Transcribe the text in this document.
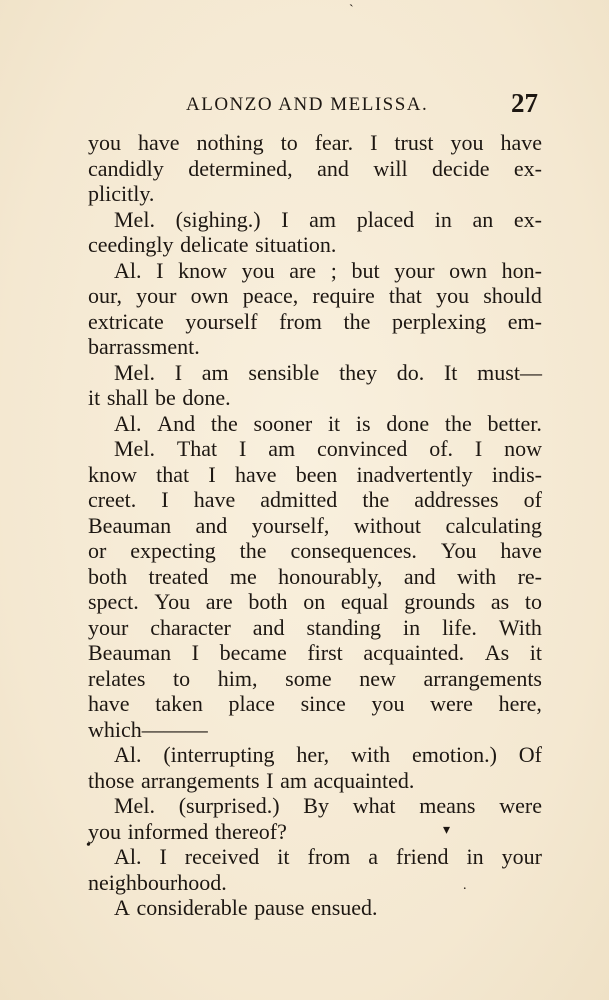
ALONZO AND MELISSA.	27
you have nothing to fear. I trust you have
candidly determined, and will decide ex-
plicitly.
Mel. (sighing.) I am placed in an ex-
ceedingly delicate situation.
Al. I know you are ; but your own hon-
our, your own peace, require that you should
extricate yourself from the perplexing em-
barrassment.
Mel. I am sensible they do. It must—
it shall be done.
Al. And the sooner it is done the better.
Mel. That I am convinced of. I now
know that I have been inadvertently indis-
creet. I have admitted the addresses of
Beauman and yourself, without calculating
or expecting the consequences. You have
both treated me honourably, and with re-
spect. You are both on equal grounds as to
your character and standing in life. With
Beauman I became first acquainted. As it
relates to him, some new arrangements
have taken place since you were here,
which———
Al. (interrupting her, with emotion.) Of
those arrangements I am acquainted.
Mel. (surprised.) By what means were
you informed thereof?
Al. I received it from a friend in your
neighbourhood.
A considerable pause ensued.
ˋ
▾
•
.
